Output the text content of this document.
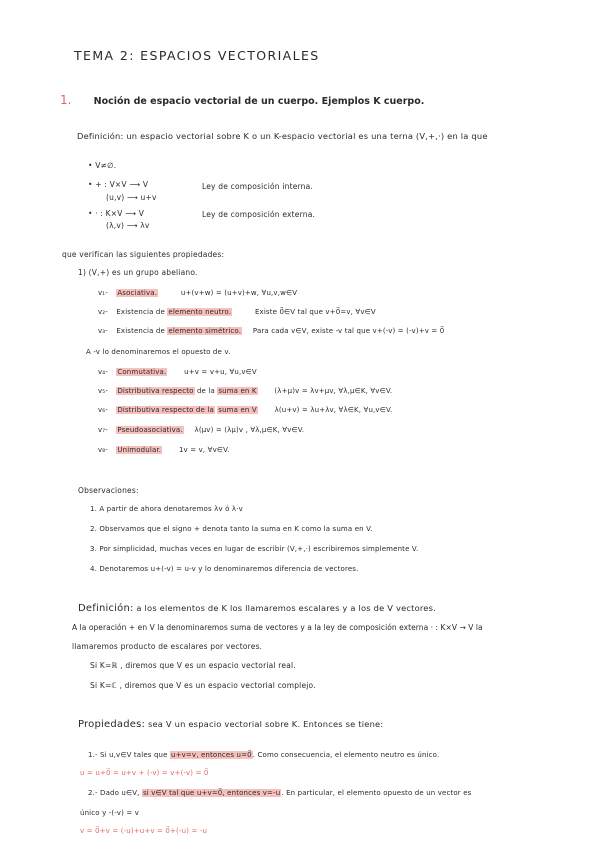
TEMA 2: ESPACIOS VECTORIALES
1. Noción de espacio vectorial de un cuerpo. Ejemplos K cuerpo.
Definición: un espacio vectorial sobre K o un K-espacio vectorial es una terna (V,+,·) en la que
• V≠∅.
• + : V×V ⟶ V
(u,v) ⟶ u+v
Ley de composición interna.
• · : K×V ⟶ V
(λ,v) ⟶ λv
Ley de composición externa.
que verifican las siguientes propiedades:
1) (V,+) es un grupo abeliano.
v₁- Asociativa.	u+(v+w) = (u+v)+w, ∀u,v,w∈V
v₂- Existencia de elemento neutro.	Existe 0⃗∈V tal que v+0⃗=v, ∀v∈V
v₃- Existencia de elemento simétrico. Para cada v∈V, existe -v tal que v+(-v) = (-v)+v = 0⃗
A -v lo denominaremos el opuesto de v.
v₄- Conmutativa.	u+v = v+u, ∀u,v∈V
v₅- Distributiva respecto de la suma en K	(λ+μ)v = λv+μv, ∀λ,μ∈K, ∀v∈V.
v₆- Distributiva respecto de la suma en V	λ(u+v) = λu+λv, ∀λ∈K, ∀u,v∈V.
v₇- Pseudoasociativa. λ(μv) = (λμ)v , ∀λ,μ∈K, ∀v∈V.
v₈- Unimodular.	1v = v, ∀v∈V.
Observaciones:
1. A partir de ahora denotaremos λv ó λ·v
2. Observamos que el signo + denota tanto la suma en K como la suma en V.
3. Por simplicidad, muchas veces en lugar de escribir (V,+,·) escribiremos simplemente V.
4. Denotaremos u+(-v) = u-v y lo denominaremos diferencia de vectores.
Definición: a los elementos de K los llamaremos escalares y a los de V vectores.
A la operación + en V la denominaremos suma de vectores y a la ley de composición externa · : K×V → V la
llamaremos producto de escalares por vectores.
Si K=ℝ , diremos que V es un espacio vectorial real.
Si K=ℂ , diremos que V es un espacio vectorial complejo.
Propiedades: sea V un espacio vectorial sobre K. Entonces se tiene:
1.- Si u,v∈V tales que u+v=v, entonces u=0⃗. Como consecuencia, el elemento neutro es único.
u = u+0⃗ = u+v + (-v) = v+(-v) = 0⃗
2.- Dado u∈V, si v∈V tal que u+v=0⃗, entonces v=-u. En particular, el elemento opuesto de un vector es
único y -(-v) = v
v = 0⃗+v = (-u)+u+v = 0⃗+(-u) = -u
